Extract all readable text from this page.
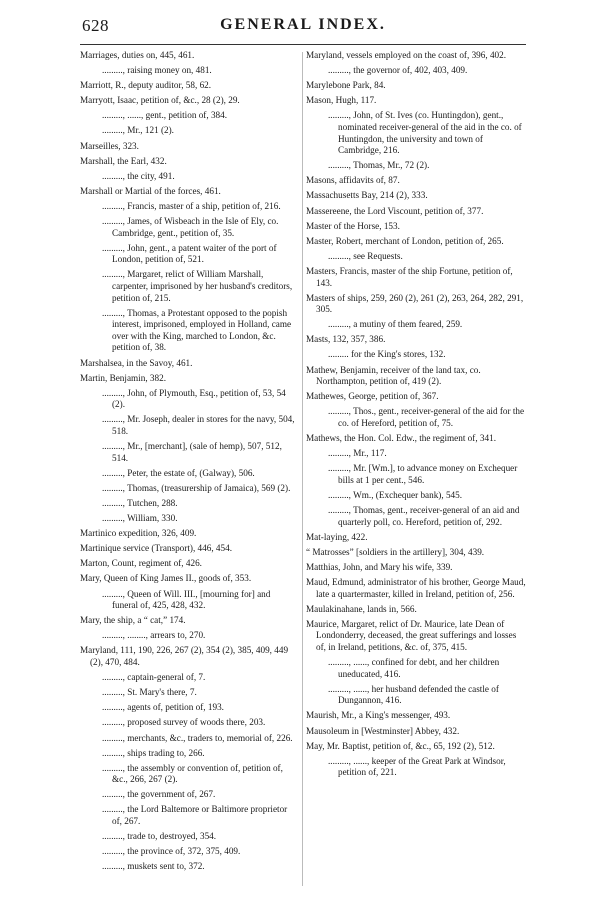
628	GENERAL INDEX.
Marriages, duties on, 445, 461.
........., raising money on, 481.
Marriott, R., deputy auditor, 58, 62.
Marryott, Isaac, petition of, &c., 28 (2), 29.
........., ......, gent., petition of, 384.
........., Mr., 121 (2).
Marseilles, 323.
Marshall, the Earl, 432.
........., the city, 491.
Marshall or Martial of the forces, 461.
........., Francis, master of a ship, petition of, 216.
........., James, of Wisbeach in the Isle of Ely, co. Cambridge, gent., petition of, 35.
........., John, gent., a patent waiter of the port of London, petition of, 521.
........., Margaret, relict of William Marshall, carpenter, imprisoned by her husband's creditors, petition of, 215.
........., Thomas, a Protestant opposed to the popish interest, imprisoned, employed in Holland, came over with the King, marched to London, &c. petition of, 38.
Marshalsea, in the Savoy, 461.
Martin, Benjamin, 382.
........., John, of Plymouth, Esq., petition of, 53, 54 (2).
........., Mr. Joseph, dealer in stores for the navy, 504, 518.
........., Mr., [merchant], (sale of hemp), 507, 512, 514.
........., Peter, the estate of, (Galway), 506.
........., Thomas, (treasurership of Jamaica), 569 (2).
........., Tutchen, 288.
........., William, 330.
Martinico expedition, 326, 409.
Martinique service (Transport), 446, 454.
Marton, Count, regiment of, 426.
Mary, Queen of King James II., goods of, 353.
........., Queen of Will. III., [mourning for] and funeral of, 425, 428, 432.
Mary, the ship, a “ cat,” 174.
........., ........, arrears to, 270.
Maryland, 111, 190, 226, 267 (2), 354 (2), 385, 409, 449 (2), 470, 484.
........., captain-general of, 7.
........., St. Mary's there, 7.
........., agents of, petition of, 193.
........., proposed survey of woods there, 203.
........., merchants, &c., traders to, memorial of, 226.
........., ships trading to, 266.
........., the assembly or convention of, petition of, &c., 266, 267 (2).
........., the government of, 267.
........., the Lord Baltemore or Baltimore proprietor of, 267.
........., trade to, destroyed, 354.
........., the province of, 372, 375, 409.
........., muskets sent to, 372.
Maryland, vessels employed on the coast of, 396, 402.
........., the governor of, 402, 403, 409.
Marylebone Park, 84.
Mason, Hugh, 117.
........., John, of St. Ives (co. Huntingdon), gent., nominated receiver-general of the aid in the co. of Huntingdon, the university and town of Cambridge, 216.
........., Thomas, Mr., 72 (2).
Masons, affidavits of, 87.
Massachusetts Bay, 214 (2), 333.
Massereene, the Lord Viscount, petition of, 377.
Master of the Horse, 153.
Master, Robert, merchant of London, petition of, 265.
........., see Requests.
Masters, Francis, master of the ship Fortune, petition of, 143.
Masters of ships, 259, 260 (2), 261 (2), 263, 264, 282, 291, 305.
........., a mutiny of them feared, 259.
Masts, 132, 357, 386.
......... for the King's stores, 132.
Mathew, Benjamin, receiver of the land tax, co. Northampton, petition of, 419 (2).
Mathewes, George, petition of, 367.
........., Thos., gent., receiver-general of the aid for the co. of Hereford, petition of, 75.
Mathews, the Hon. Col. Edw., the regiment of, 341.
........., Mr., 117.
........., Mr. [Wm.], to advance money on Exchequer bills at 1 per cent., 546.
........., Wm., (Exchequer bank), 545.
........., Thomas, gent., receiver-general of an aid and quarterly poll, co. Hereford, petition of, 292.
Mat-laying, 422.
“ Matrosses” [soldiers in the artillery], 304, 439.
Matthias, John, and Mary his wife, 339.
Maud, Edmund, administrator of his brother, George Maud, late a quartermaster, killed in Ireland, petition of, 256.
Maulakinahane, lands in, 566.
Maurice, Margaret, relict of Dr. Maurice, late Dean of Londonderry, deceased, the great sufferings and losses of, in Ireland, petitions, &c. of, 375, 415.
........., ......, confined for debt, and her children uneducated, 416.
........., ......, her husband defended the castle of Dungannon, 416.
Maurish, Mr., a King's messenger, 493.
Mausoleum in [Westminster] Abbey, 432.
May, Mr. Baptist, petition of, &c., 65, 192 (2), 512.
........., ......, keeper of the Great Park at Windsor, petition of, 221.
